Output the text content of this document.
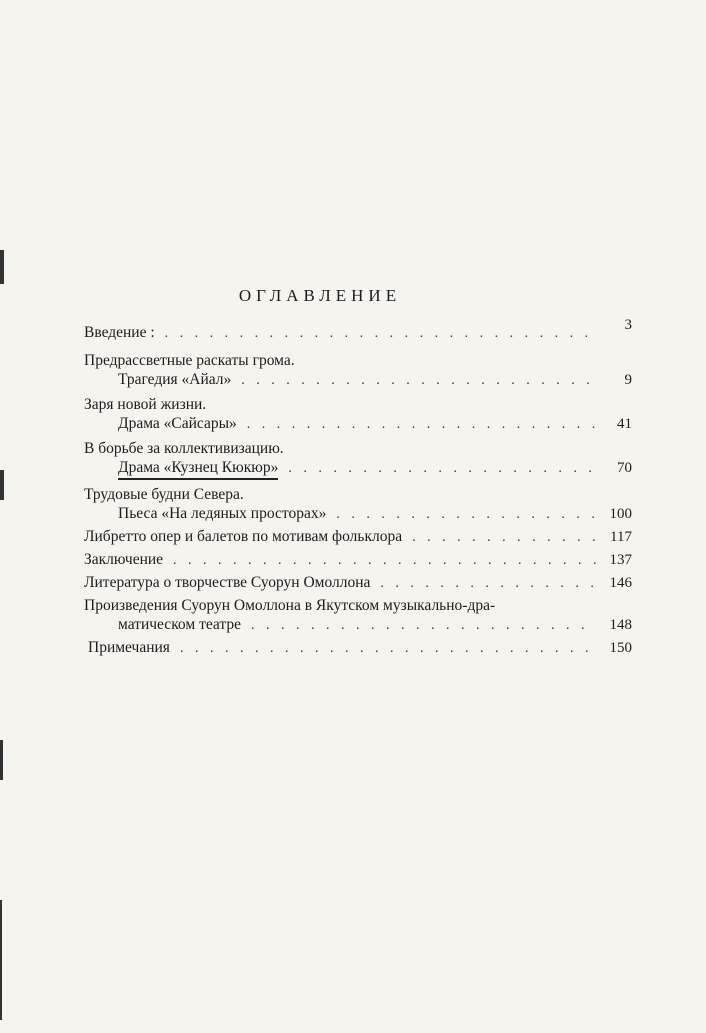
ОГЛАВЛЕНИЕ
Введение : . . .	3
Предрассветные раскаты грома.
Трагедия «Айал» . . .	9
Заря новой жизни.
Драма «Сайсары» . . .	41
В борьбе за коллективизацию.
Драма «Кузнец Кюкюр» . . .	70
Трудовые будни Севера.
Пьеса «На ледяных просторах» . . .	100
Либретто опер и балетов по мотивам фольклора . . .	117
Заключение . . .	137
Литература о творчестве Суорун Омоллона . . .	146
Произведения Суорун Омоллона в Якутском музыкально-дра-
матическом театре . . .	148
Примечания . . .	150
